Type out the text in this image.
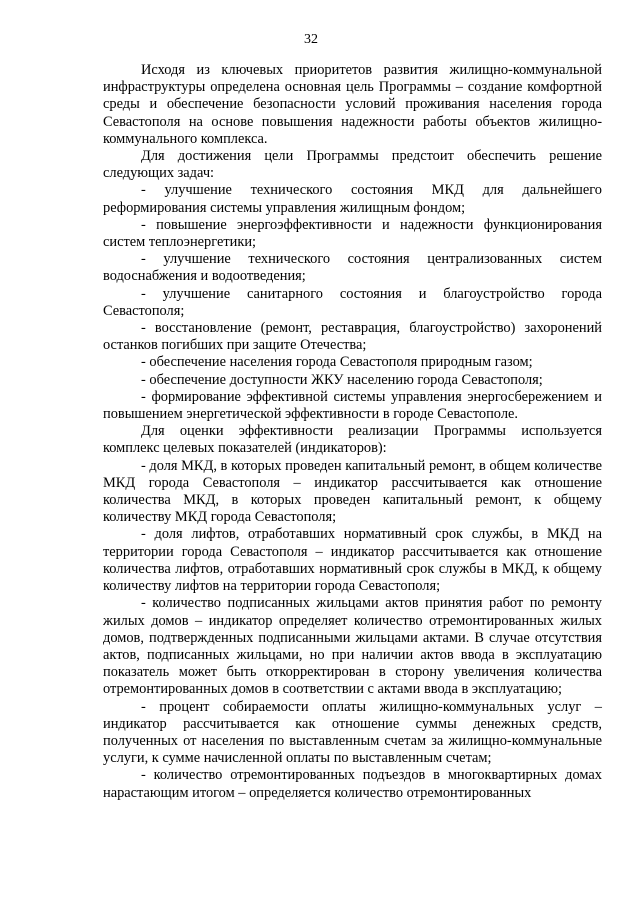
32

Исходя из ключевых приоритетов развития жилищно-коммунальной инфраструктуры определена основная цель Программы – создание комфортной среды и обеспечение безопасности условий проживания населения города Севастополя на основе повышения надежности работы объектов жилищно-коммунального комплекса.

Для достижения цели Программы предстоит обеспечить решение следующих задач:

- улучшение технического состояния МКД для дальнейшего реформирования системы управления жилищным фондом;

- повышение энергоэффективности и надежности функционирования систем теплоэнергетики;

- улучшение технического состояния централизованных систем водоснабжения и водоотведения;

- улучшение санитарного состояния и благоустройство города Севастополя;

- восстановление (ремонт, реставрация, благоустройство) захоронений останков погибших при защите Отечества;

- обеспечение населения города Севастополя природным газом;

- обеспечение доступности ЖКУ населению города Севастополя;

- формирование эффективной системы управления энергосбережением и повышением энергетической эффективности в городе Севастополе.

Для оценки эффективности реализации Программы используется комплекс целевых показателей (индикаторов):

- доля МКД, в которых проведен капитальный ремонт, в общем количестве МКД города Севастополя – индикатор рассчитывается как отношение количества МКД, в которых проведен капитальный ремонт, к общему количеству МКД города Севастополя;

- доля лифтов, отработавших нормативный срок службы, в МКД на территории города Севастополя – индикатор рассчитывается как отношение количества лифтов, отработавших нормативный срок службы в МКД, к общему количеству лифтов на территории города Севастополя;

- количество подписанных жильцами актов принятия работ по ремонту жилых домов – индикатор определяет количество отремонтированных жилых домов, подтвержденных подписанными жильцами актами. В случае отсутствия актов, подписанных жильцами, но при наличии актов ввода в эксплуатацию показатель может быть откорректирован в сторону увеличения количества отремонтированных домов в соответствии с актами ввода в эксплуатацию;

- процент собираемости оплаты жилищно-коммунальных услуг – индикатор рассчитывается как отношение суммы денежных средств, полученных от населения по выставленным счетам за жилищно-коммунальные услуги, к сумме начисленной оплаты по выставленным счетам;

- количество отремонтированных подъездов в многоквартирных домах нарастающим итогом – определяется количество отремонтированных
